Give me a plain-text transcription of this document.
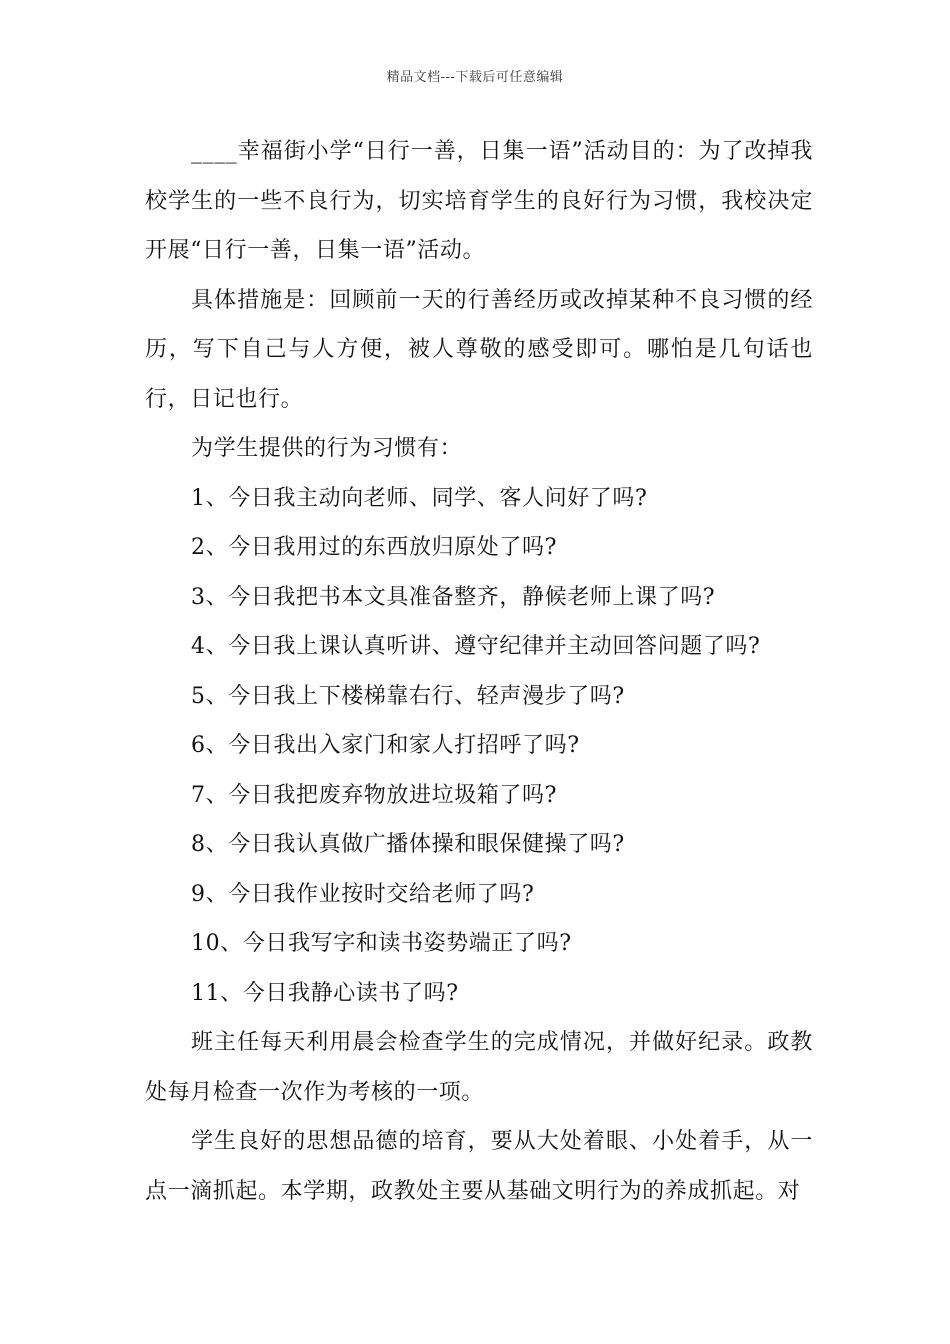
精品文档---下载后可任意编辑

____幸福街小学“日行一善，日集一语”活动目的：为了改掉我校学生的一些不良行为，切实培育学生的良好行为习惯，我校决定开展“日行一善，日集一语”活动。

具体措施是：回顾前一天的行善经历或改掉某种不良习惯的经历，写下自己与人方便，被人尊敬的感受即可。哪怕是几句话也行，日记也行。

为学生提供的行为习惯有：

1、今日我主动向老师、同学、客人问好了吗?

2、今日我用过的东西放归原处了吗?

3、今日我把书本文具准备整齐，静候老师上课了吗?

4、今日我上课认真听讲、遵守纪律并主动回答问题了吗?

5、今日我上下楼梯靠右行、轻声漫步了吗?

6、今日我出入家门和家人打招呼了吗?

7、今日我把废弃物放进垃圾箱了吗?

8、今日我认真做广播体操和眼保健操了吗?

9、今日我作业按时交给老师了吗?

10、今日我写字和读书姿势端正了吗?

11、今日我静心读书了吗?

班主任每天利用晨会检查学生的完成情况，并做好纪录。政教处每月检查一次作为考核的一项。

学生良好的思想品德的培育，要从大处着眼、小处着手，从一点一滴抓起。本学期，政教处主要从基础文明行为的养成抓起。对
